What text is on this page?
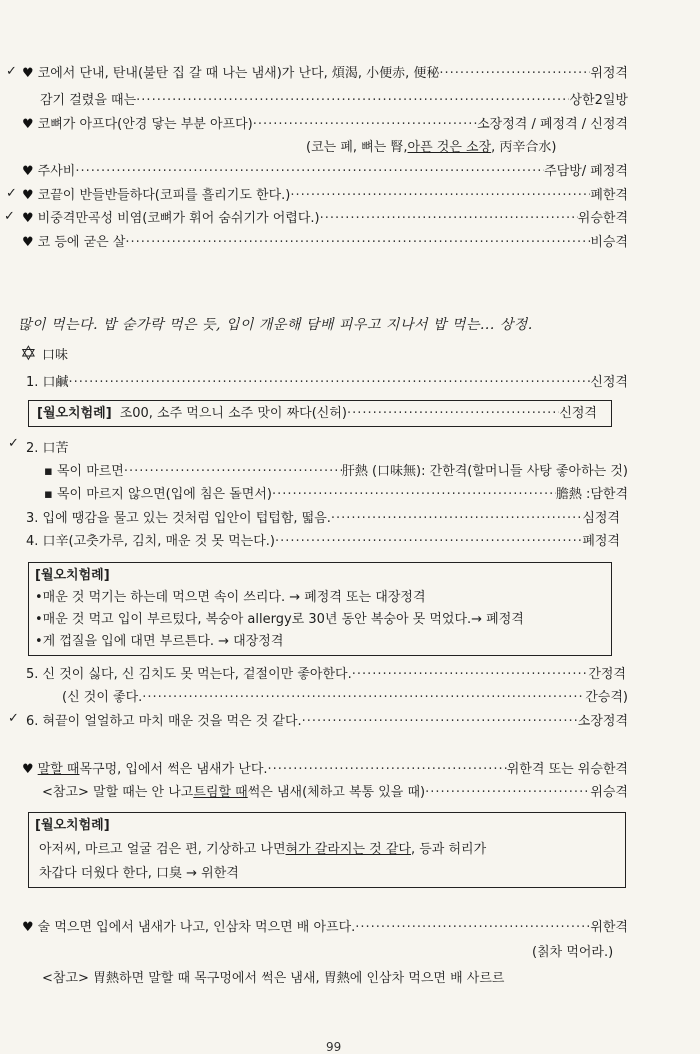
✓ ♥ 코에서 단내, 탄내(불탄 집 갈 때 나는 냄새)가 난다, 煩渴, 小便赤, 便秘 ·····	위정격
감기 걸렸을 때는 ·····	상한2일방
♥ 코뼈가 아프다(안경 닿는 부분 아프다) ·····	소장정격 / 폐정격 / 신정격
(코는 폐, 뼈는 腎, 아픈 것은 소장 , 丙辛合水)
♥ 주사비 ·····	주담방/ 폐정격
✓ ♥ 코끝이 반들반들하다(코피를 흘리기도 한다.) ·····	폐한격
✓ ♥ 비중격만곡성 비염(코뼈가 휘어 숨쉬기가 어렵다.) ·····	위승한격
♥ 코 등에 굳은 살 ·····	비승격
많이 먹는다. 밥 숟가락 먹은 듯, 입이 개운해 담배 피우고 지나서 밥 먹는... 상정.
✡ 口味
1. 口鹹 ·····	신정격
[월오치험례] 조00, 소주 먹으니 소주 맛이 짜다(신허) ·····	신정격
✓ 2. 口苦
▪ 목이 마르면 ·····	肝熱 (口味無): 간한격(할머니들 사탕 좋아하는 것)
▪ 목이 마르지 않으면(입에 침은 돌면서) ·····	膽熱 :담한격
3. 입에 땡감을 물고 있는 것처럼 입안이 텁텁함, 떫음. ·····	심정격
4. 口辛(고춧가루, 김치, 매운 것 못 먹는다.) ·····	폐정격
[월오치험례]
•매운 것 먹기는 하는데 먹으면 속이 쓰리다. → 폐정격 또는 대장정격
•매운 것 먹고 입이 부르텄다, 복숭아 allergy로 30년 동안 복숭아 못 먹었다.→ 폐정격
•게 껍질을 입에 대면 부르튼다. → 대장정격
5. 신 것이 싫다, 신 김치도 못 먹는다, 겉절이만 좋아한다. ·····	간정격
(신 것이 좋다. ·····	간승격)
✓ 6. 혀끝이 얼얼하고 마치 매운 것을 먹은 것 같다. ·····	소장정격
♥ 말할 때 목구멍, 입에서 썩은 냄새가 난다. ·····	위한격 또는 위승한격
<참고> 말할 때는 안 나고 트림할 때 썩은 냄새(체하고 복통 있을 때) ·····	위승격
[월오치험례]
아저씨, 마르고 얼굴 검은 편, 기상하고 나면 혀가 갈라지는 것 같다 , 등과 허리가
차갑다 더웠다 한다, 口臭 → 위한격
♥ 술 먹으면 입에서 냄새가 나고, 인삼차 먹으면 배 아프다. ·····	위한격
(칡차 먹어라.)
<참고> 胃熱하면 말할 때 목구멍에서 썩은 냄새, 胃熱에 인삼차 먹으면 배 사르르
99
